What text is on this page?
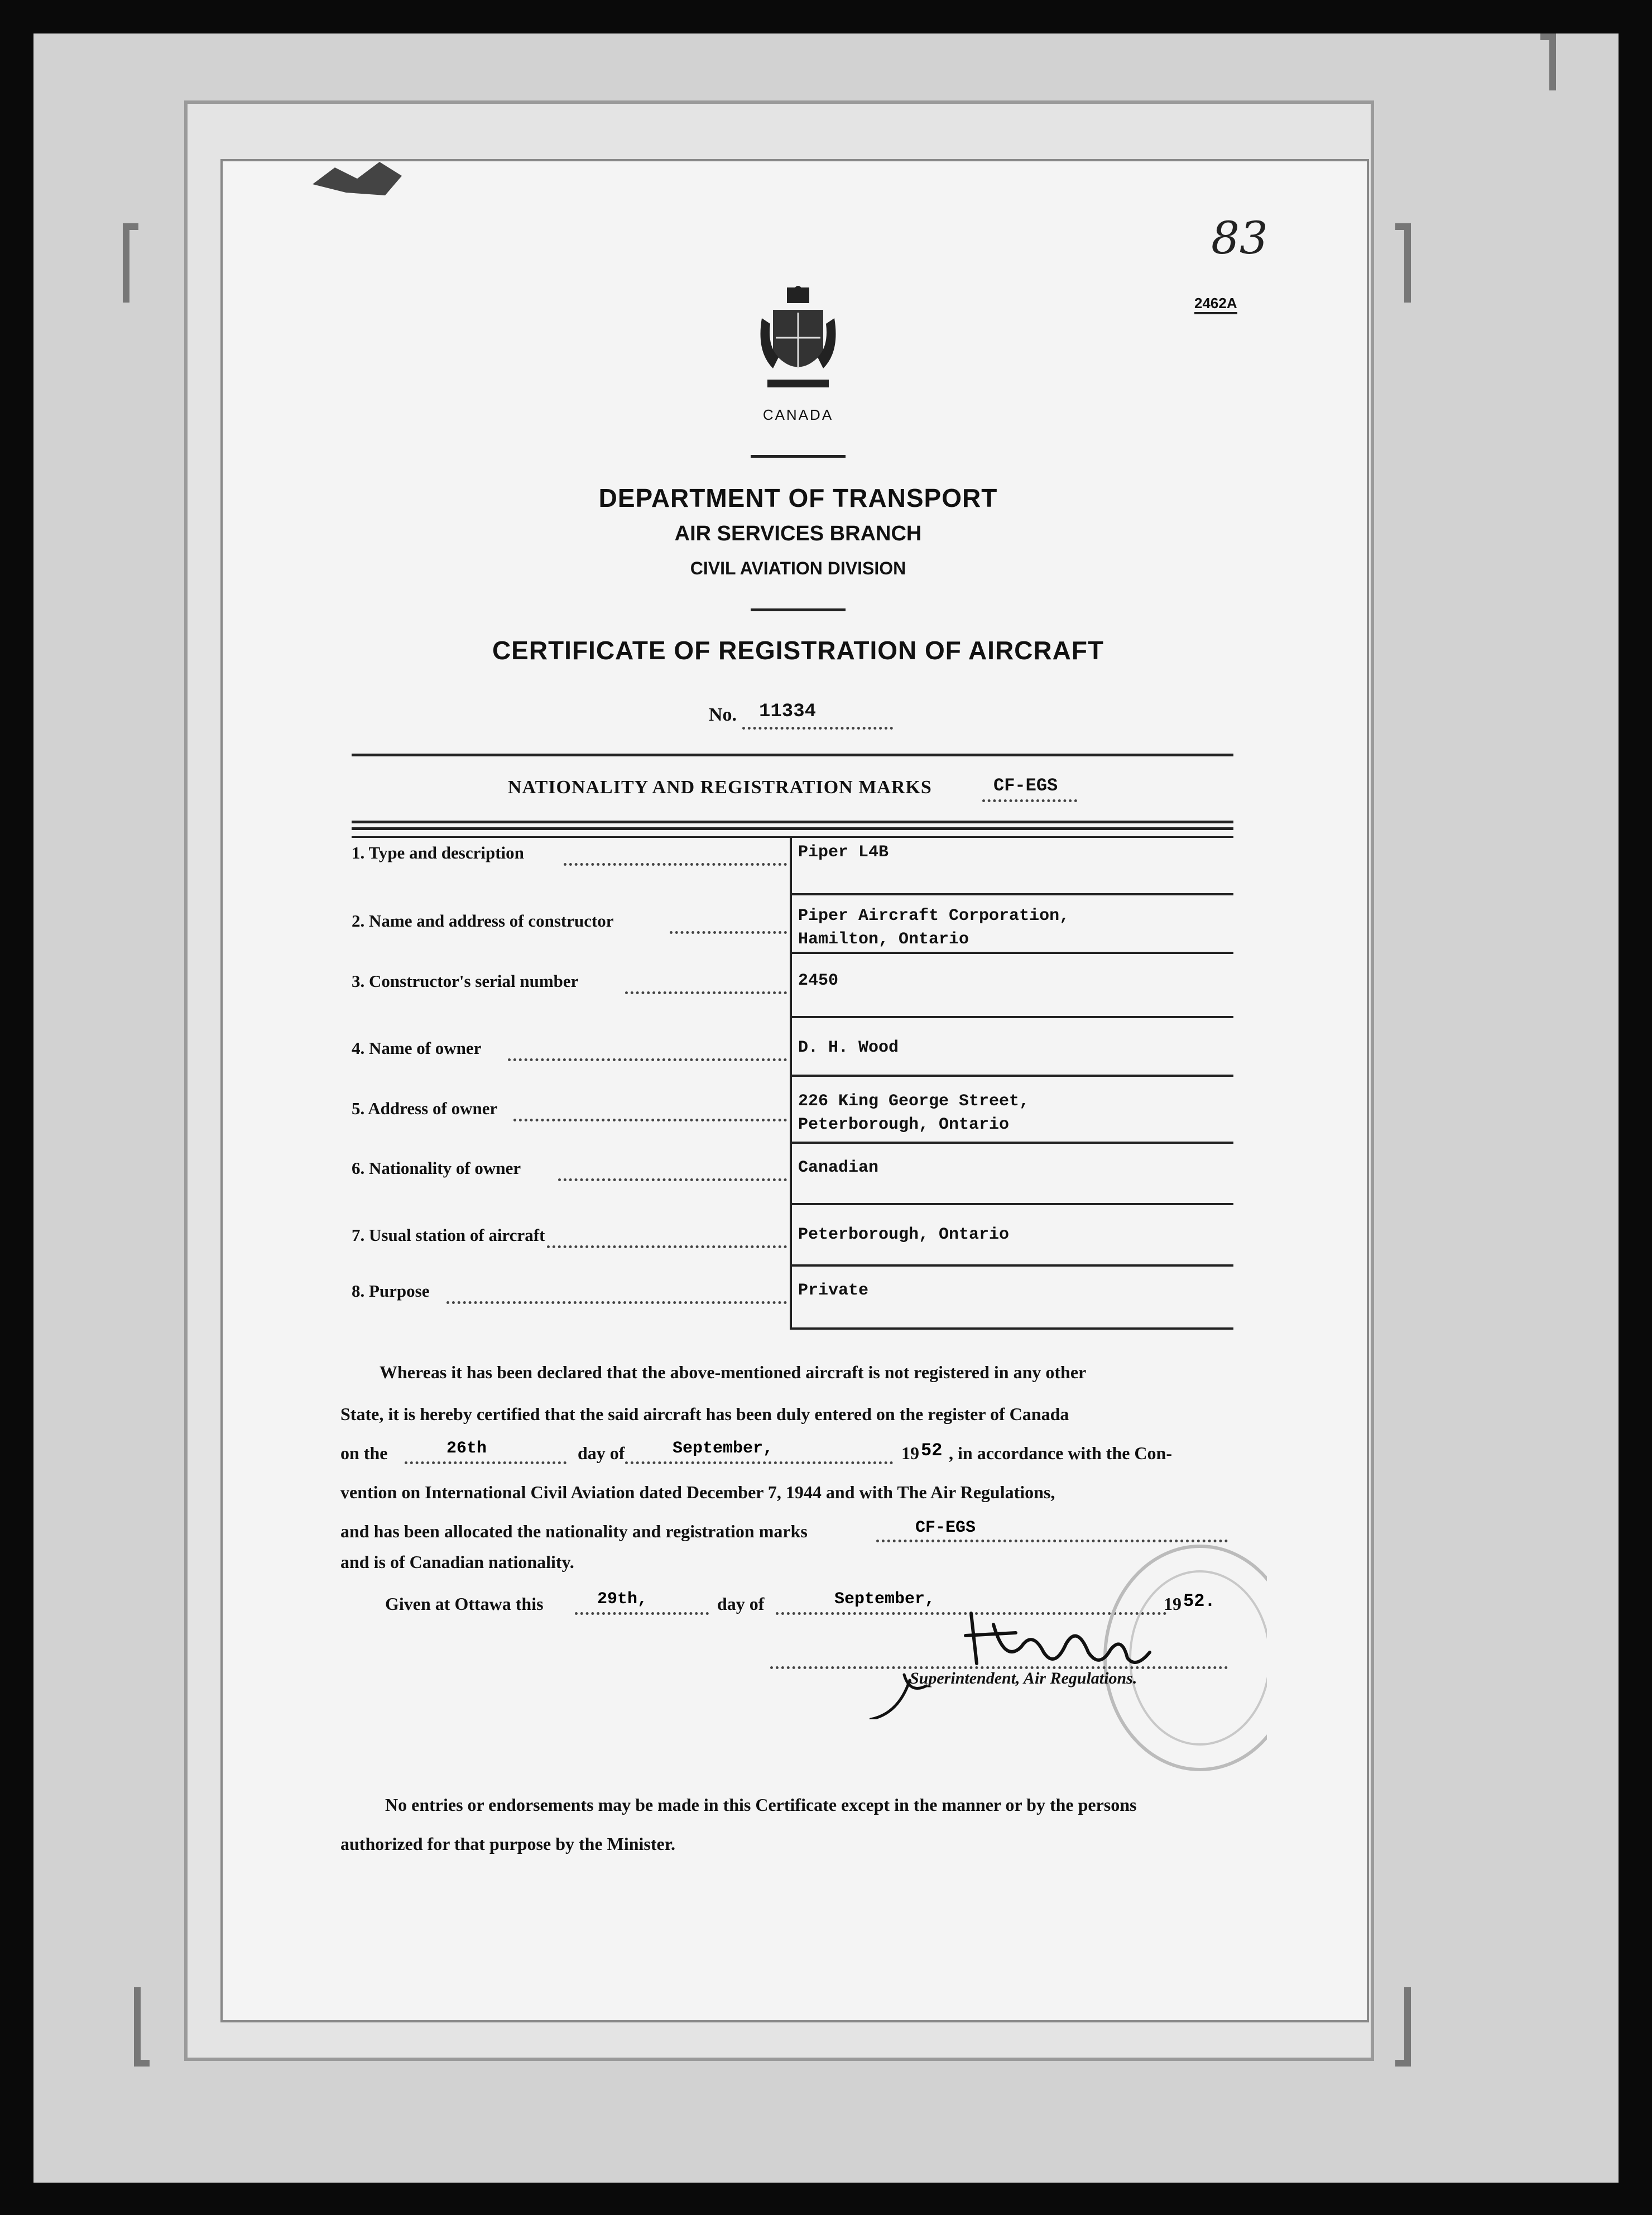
83
2462A
CANADA
DEPARTMENT OF TRANSPORT
AIR SERVICES BRANCH
CIVIL AVIATION DIVISION
CERTIFICATE OF REGISTRATION OF AIRCRAFT
No. 11334
NATIONALITY AND REGISTRATION MARKS	CF-EGS
1. Type and description	Piper L4B
2. Name and address of constructor	Piper Aircraft Corporation,
Hamilton, Ontario
3. Constructor's serial number	2450
4. Name of owner	D. H. Wood
5. Address of owner	226 King George Street,
Peterborough, Ontario
6. Nationality of owner	Canadian
7. Usual station of aircraft	Peterborough, Ontario
8. Purpose	Private
Whereas it has been declared that the above-mentioned aircraft is not registered in any other
State, it is hereby certified that the said aircraft has been duly entered on the register of Canada
on the	26th	day of	September,	19 52 , in accordance with the Con-
vention on International Civil Aviation dated December 7, 1944 and with The Air Regulations,
and has been allocated the nationality and registration marks	CF-EGS
and is of Canadian nationality.
Given at Ottawa this	29th,	day of	September,	19 52.
Superintendent, Air Regulations.
No entries or endorsements may be made in this Certificate except in the manner or by the persons
authorized for that purpose by the Minister.
